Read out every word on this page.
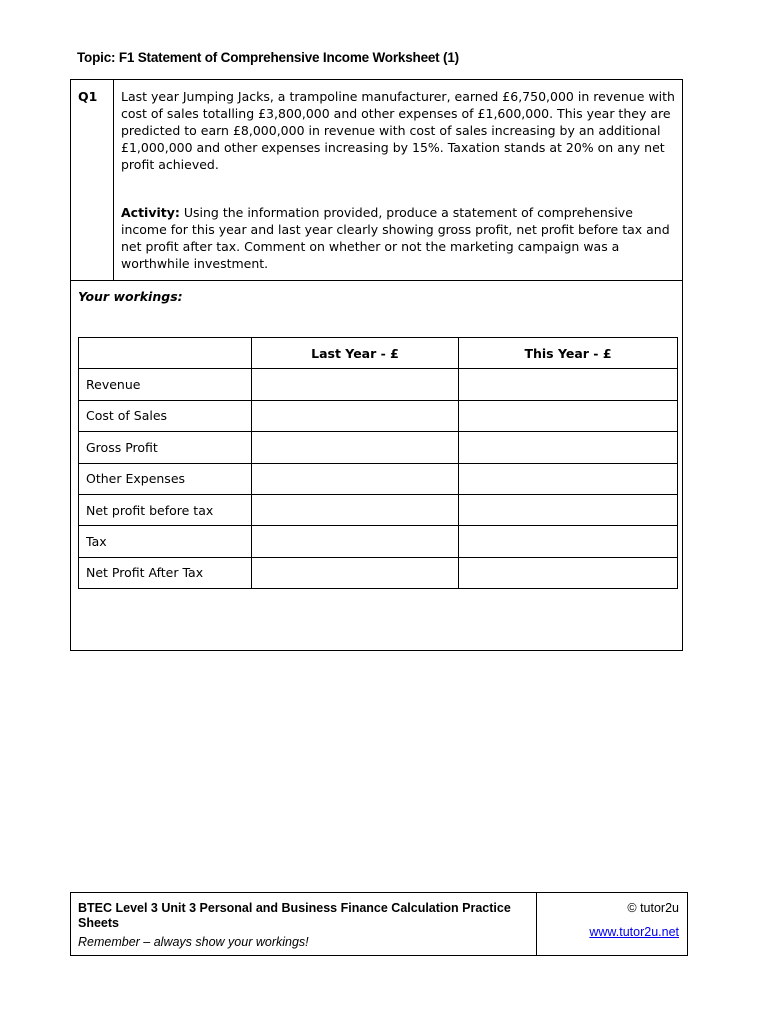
Topic: F1 Statement of Comprehensive Income Worksheet (1)
Q1	Last year Jumping Jacks, a trampoline manufacturer, earned £6,750,000 in revenue with cost of sales totalling £3,800,000 and other expenses of £1,600,000. This year they are predicted to earn £8,000,000 in revenue with cost of sales increasing by an additional £1,000,000 and other expenses increasing by 15%. Taxation stands at 20% on any net profit achieved.

Activity: Using the information provided, produce a statement of comprehensive income for this year and last year clearly showing gross profit, net profit before tax and net profit after tax. Comment on whether or not the marketing campaign was a worthwhile investment.

Your workings:
	Last Year - £	This Year - £
Revenue		
Cost of Sales		
Gross Profit		
Other Expenses		
Net profit before tax		
Tax		
Net Profit After Tax		
BTEC Level 3 Unit 3 Personal and Business Finance Calculation Practice Sheets
Remember – always show your workings!
© tutor2u
www.tutor2u.net
